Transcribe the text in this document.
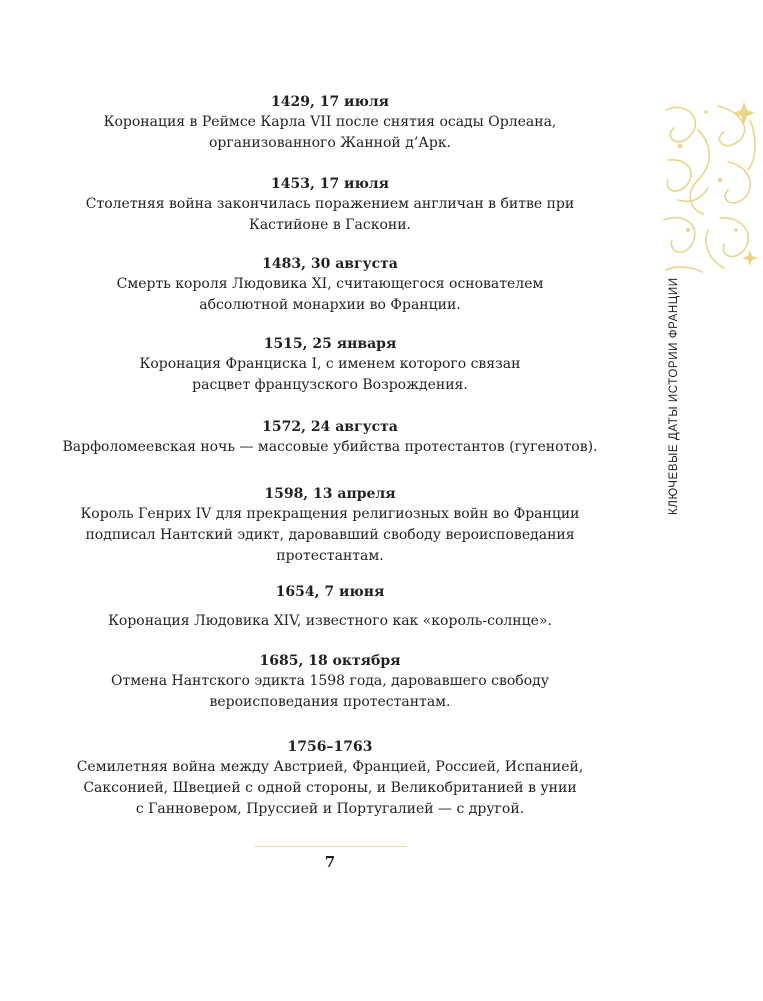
1429, 17 июля
Коронация в Реймсе Карла VII после снятия осады Орлеана,
организованного Жанной д’Арк.
1453, 17 июля
Столетняя война закончилась поражением англичан в битве при
Кастийоне в Гаскони.
1483, 30 августа
Смерть короля Людовика XI, считающегося основателем
абсолютной монархии во Франции.
1515, 25 января
Коронация Франциска I, с именем которого связан
расцвет французского Возрождения.
1572, 24 августа
Варфоломеевская ночь — массовые убийства протестантов (гугенотов).
1598, 13 апреля
Король Генрих IV для прекращения религиозных войн во Франции
подписал Нантский эдикт, даровавший свободу вероисповедания
протестантам.
1654, 7 июня
Коронация Людовика XIV, известного как «король-солнце».
1685, 18 октября
Отмена Нантского эдикта 1598 года, даровавшего свободу
вероисповедания протестантам.
1756–1763
Семилетняя война между Австрией, Францией, Россией, Испанией,
Саксонией, Швецией с одной стороны, и Великобританией в унии
с Ганновером, Пруссией и Португалией — с другой.
КЛЮЧЕВЫЕ ДАТЫ ИСТОРИИ ФРАНЦИИ
7
